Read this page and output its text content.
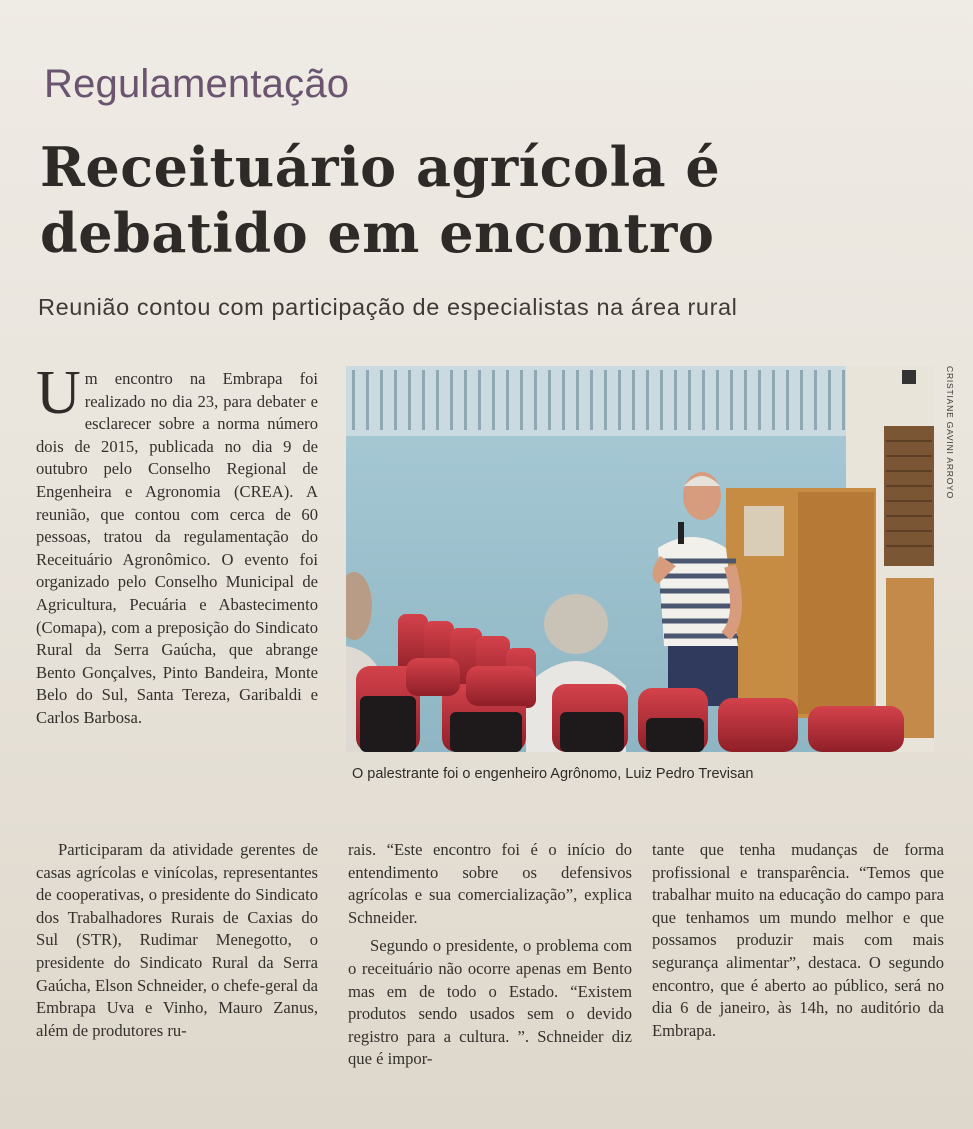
Regulamentação
Receituário agrícola é debatido em encontro
Reunião contou com participação de especialistas na área rural

U m encontro na Embrapa foi realizado no dia 23, para debater e esclarecer sobre a norma número dois de 2015, publicada no dia 9 de outubro pelo Conselho Regional de Engenheira e Agronomia (CREA). A reunião, que contou com cerca de 60 pessoas, tratou da regulamentação do Receituário Agronômico. O evento foi organizado pelo Conselho Municipal de Agricultura, Pecuária e Abastecimento (Comapa), com a preposição do Sindicato Rural da Serra Gaúcha, que abrange Bento Gonçalves, Pinto Bandeira, Monte Belo do Sul, Santa Tereza, Garibaldi e Carlos Barbosa.

Participaram da atividade gerentes de casas agrícolas e vinícolas, representantes de cooperativas, o presidente do Sindicato dos Trabalhadores Rurais de Caxias do Sul (STR), Rudimar Menegotto, o presidente do Sindicato Rural da Serra Gaúcha, Elson Schneider, o chefe-geral da Embrapa Uva e Vinho, Mauro Zanus, além de produtores ru-

rais. “Este encontro foi é o início do entendimento sobre os defensivos agrícolas e sua comercialização”, explica Schneider.

Segundo o presidente, o problema com o receituário não ocorre apenas em Bento mas em de todo o Estado. “Existem produtos sendo usados sem o devido registro para a cultura. ”. Schneider diz que é impor-

tante que tenha mudanças de forma profissional e transparência. “Temos que trabalhar muito na educação do campo para que tenhamos um mundo melhor e que possamos produzir mais com mais segurança alimentar”, destaca. O segundo encontro, que é aberto ao público, será no dia 6 de janeiro, às 14h, no auditório da Embrapa.

CRISTIANE GAVINI ARROYO
O palestrante foi o engenheiro Agrônomo, Luiz Pedro Trevisan
